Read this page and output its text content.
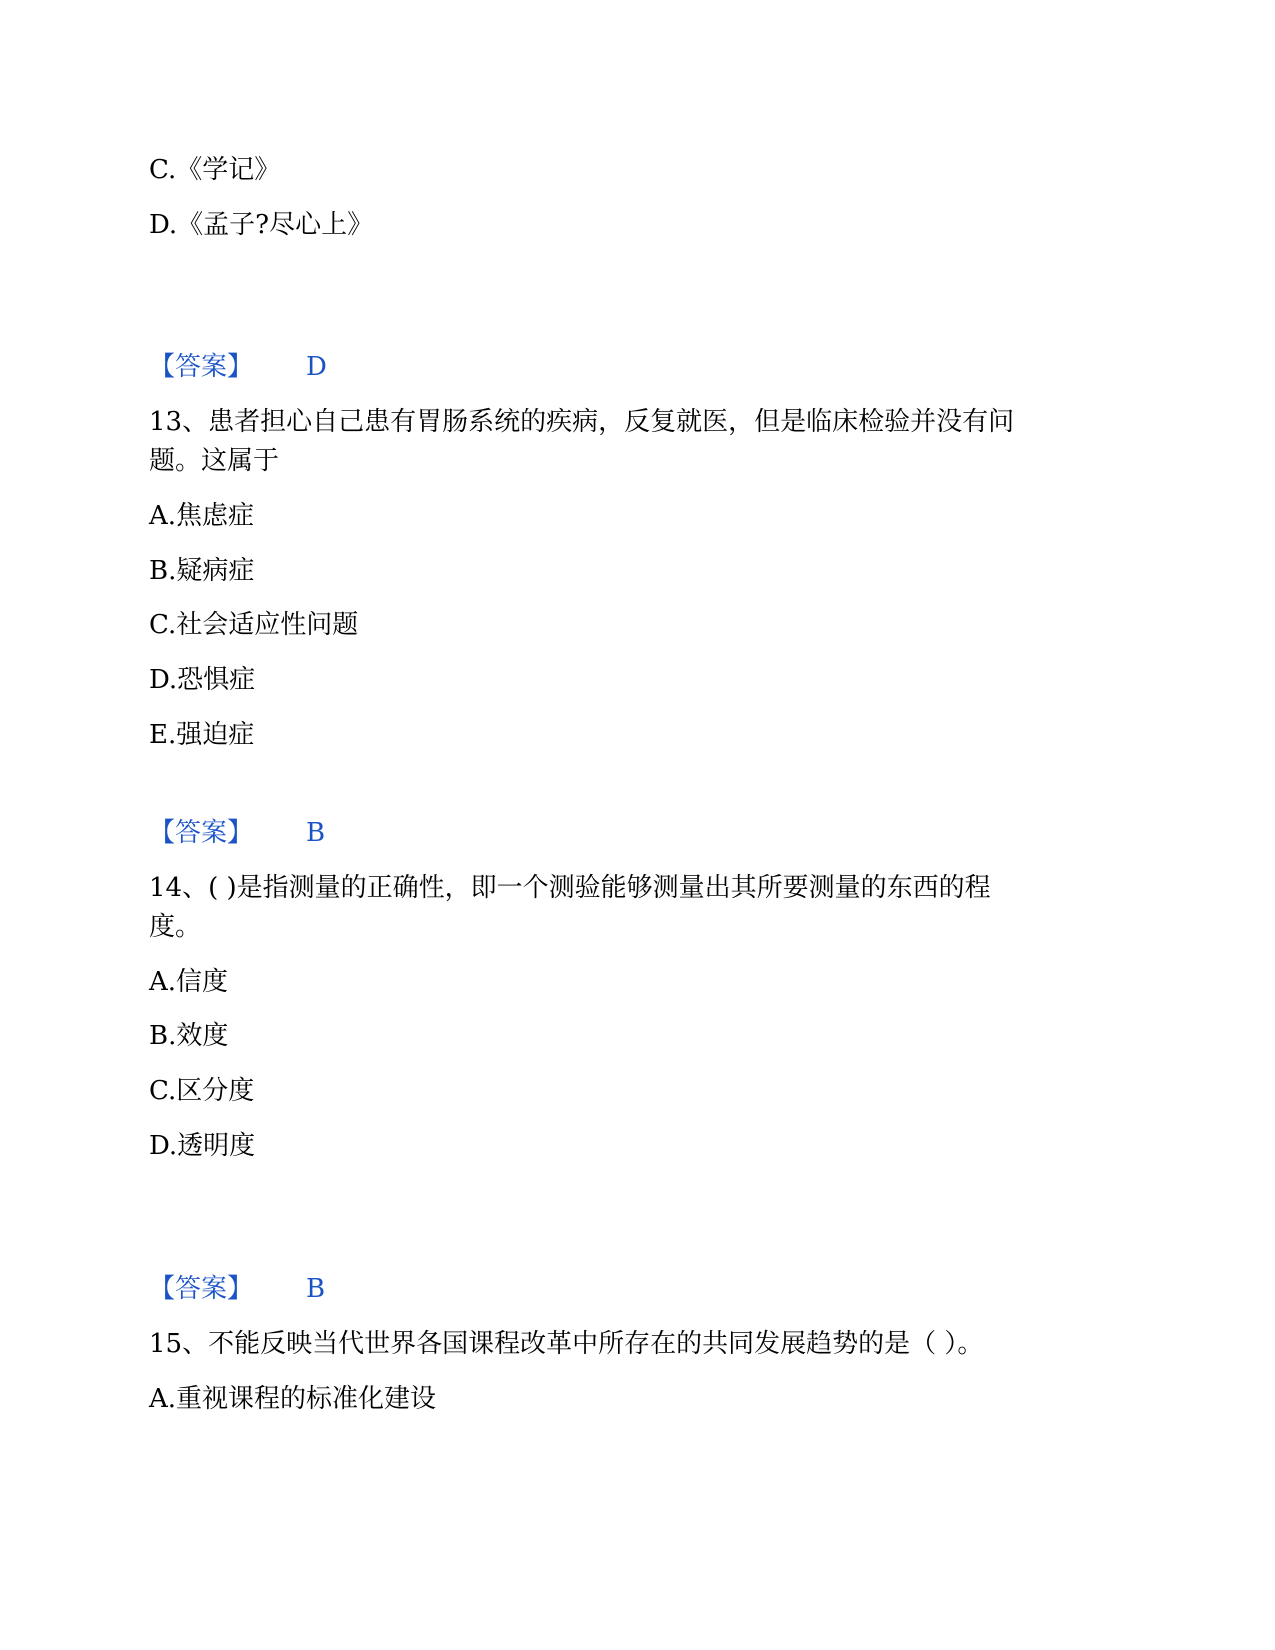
C.《学记》
D.《孟子?尽心上》
【答案】 D
13、患者担心自己患有胃肠系统的疾病，反复就医，但是临床检验并没有问
题。这属于
A.焦虑症
B.疑病症
C.社会适应性问题
D.恐惧症
E.强迫症
【答案】 B
14、( )是指测量的正确性，即一个测验能够测量出其所要测量的东西的程
度。
A.信度
B.效度
C.区分度
D.透明度
【答案】 B
15、不能反映当代世界各国课程改革中所存在的共同发展趋势的是（ ）。
A.重视课程的标准化建设
